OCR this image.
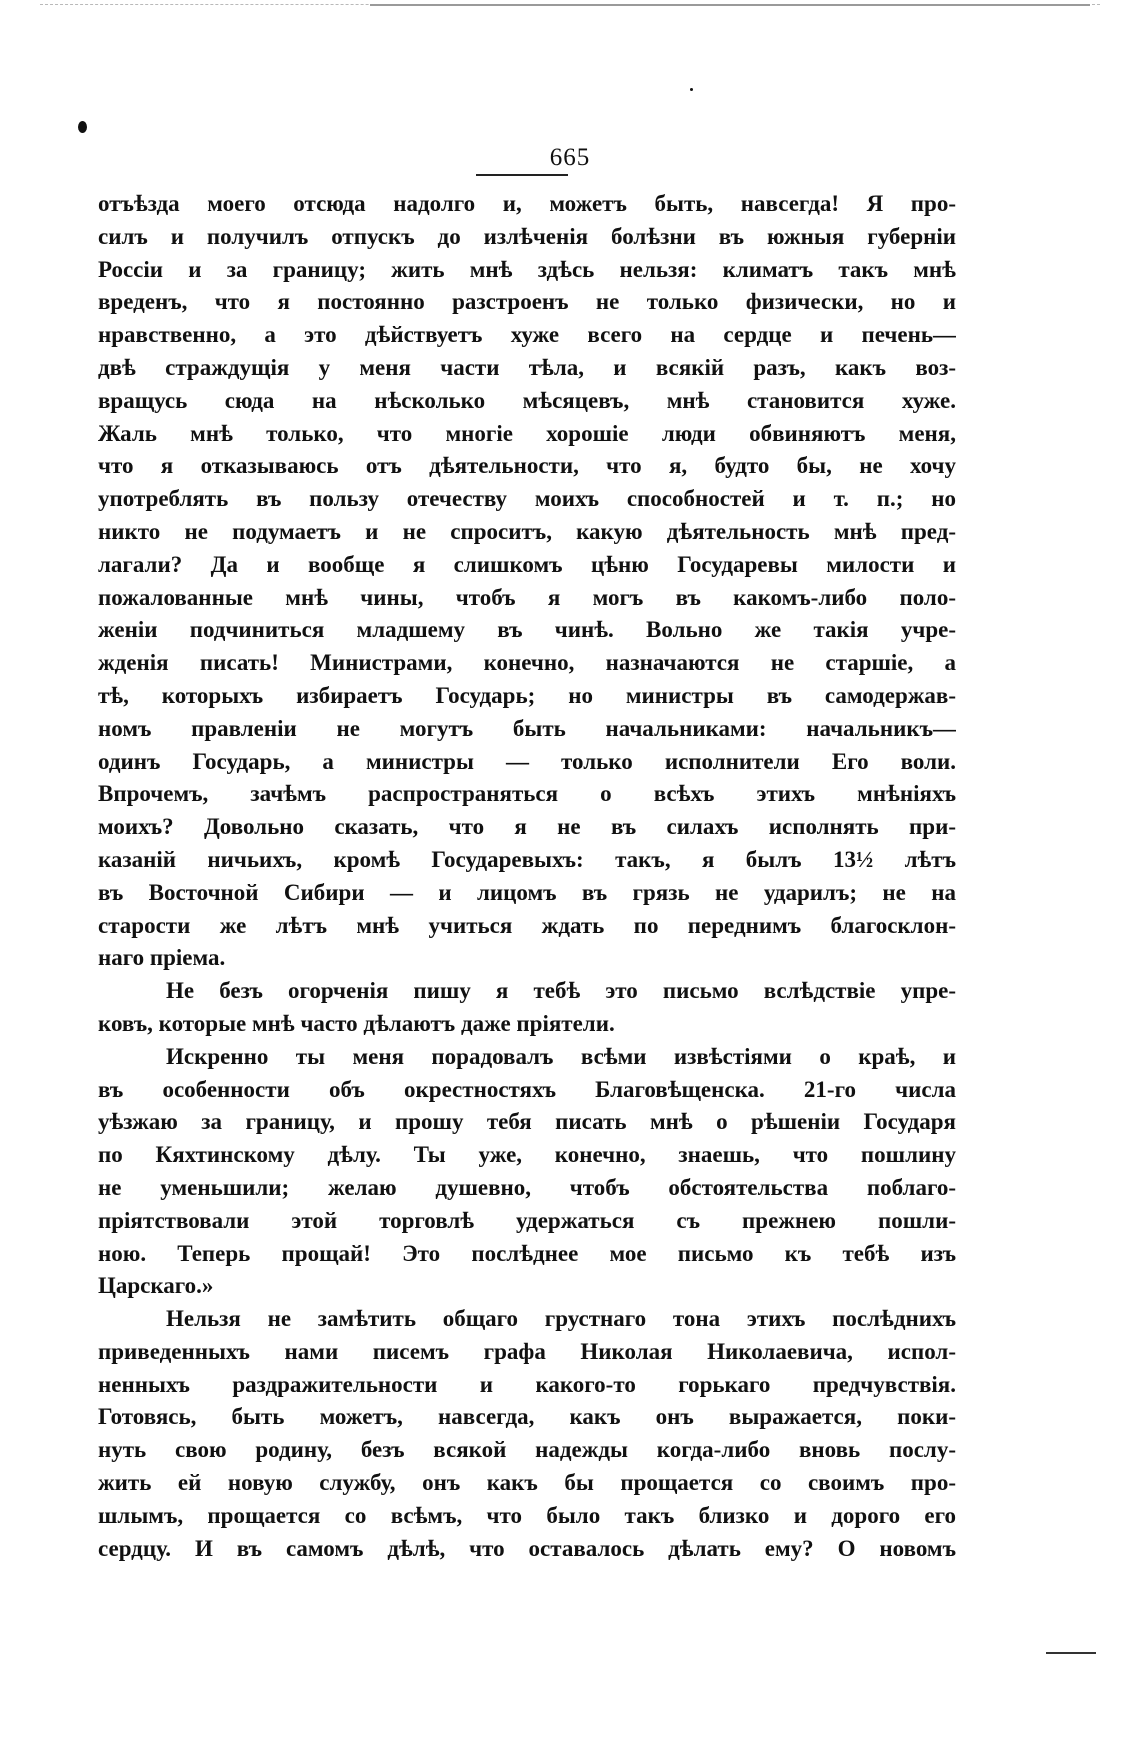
665
отъѣзда моего отсюда надолго и, можетъ быть, навсегда! Я про-
силъ и получилъ отпускъ до излѣченія болѣзни въ южныя губерніи
Россіи и за границу; жить мнѣ здѣсь нельзя: климатъ такъ мнѣ
вреденъ, что я постоянно разстроенъ не только физически, но и
нравственно, а это дѣйствуетъ хуже всего на сердце и печень—
двѣ страждущія у меня части тѣла, и всякій разъ, какъ воз-
вращусь сюда на нѣсколько мѣсяцевъ, мнѣ становится хуже.
Жаль мнѣ только, что многіе хорошіе люди обвиняютъ меня,
что я отказываюсь отъ дѣятельности, что я, будто бы, не хочу
употреблять въ пользу отечеству моихъ способностей и т. п.; но
никто не подумаетъ и не спроситъ, какую дѣятельность мнѣ пред-
лагали? Да и вообще я слишкомъ цѣню Государевы милости и
пожалованные мнѣ чины, чтобъ я могъ въ какомъ-либо поло-
женіи подчиниться младшему въ чинѣ. Вольно же такія учре-
жденія писать! Министрами, конечно, назначаются не старшіе, а
тѣ, которыхъ избираетъ Государь; но министры въ самодержав-
номъ правленіи не могутъ быть начальниками: начальникъ—
одинъ Государь, а министры — только исполнители Его воли.
Впрочемъ, зачѣмъ распространяться о всѣхъ этихъ мнѣніяхъ
моихъ? Довольно сказать, что я не въ силахъ исполнять при-
казаній ничьихъ, кромѣ Государевыхъ: такъ, я былъ 13½ лѣтъ
въ Восточной Сибири — и лицомъ въ грязь не ударилъ; не на
старости же лѣтъ мнѣ учиться ждать по переднимъ благосклон-
наго пріема.
Не безъ огорченія пишу я тебѣ это письмо вслѣдствіе упре-
ковъ, которые мнѣ часто дѣлаютъ даже пріятели.
Искренно ты меня порадовалъ всѣми извѣстіями о краѣ, и
въ особенности объ окрестностяхъ Благовѣщенска. 21-го числа
уѣзжаю за границу, и прошу тебя писать мнѣ о рѣшеніи Государя
по Кяхтинскому дѣлу. Ты уже, конечно, знаешь, что пошлину
не уменьшили; желаю душевно, чтобъ обстоятельства поблаго-
пріятствовали этой торговлѣ удержаться съ прежнею пошли-
ною. Теперь прощай! Это послѣднее мое письмо къ тебѣ изъ
Царскаго.»
Нельзя не замѣтить общаго грустнаго тона этихъ послѣднихъ
приведенныхъ нами писемъ графа Николая Николаевича, испол-
ненныхъ раздражительности и какого-то горькаго предчувствія.
Готовясь, быть можетъ, навсегда, какъ онъ выражается, поки-
нуть свою родину, безъ всякой надежды когда-либо вновь послу-
жить ей новую службу, онъ какъ бы прощается со своимъ про-
шлымъ, прощается со всѣмъ, что было такъ близко и дорого его
сердцу. И въ самомъ дѣлѣ, что оставалось дѣлать ему? О новомъ
